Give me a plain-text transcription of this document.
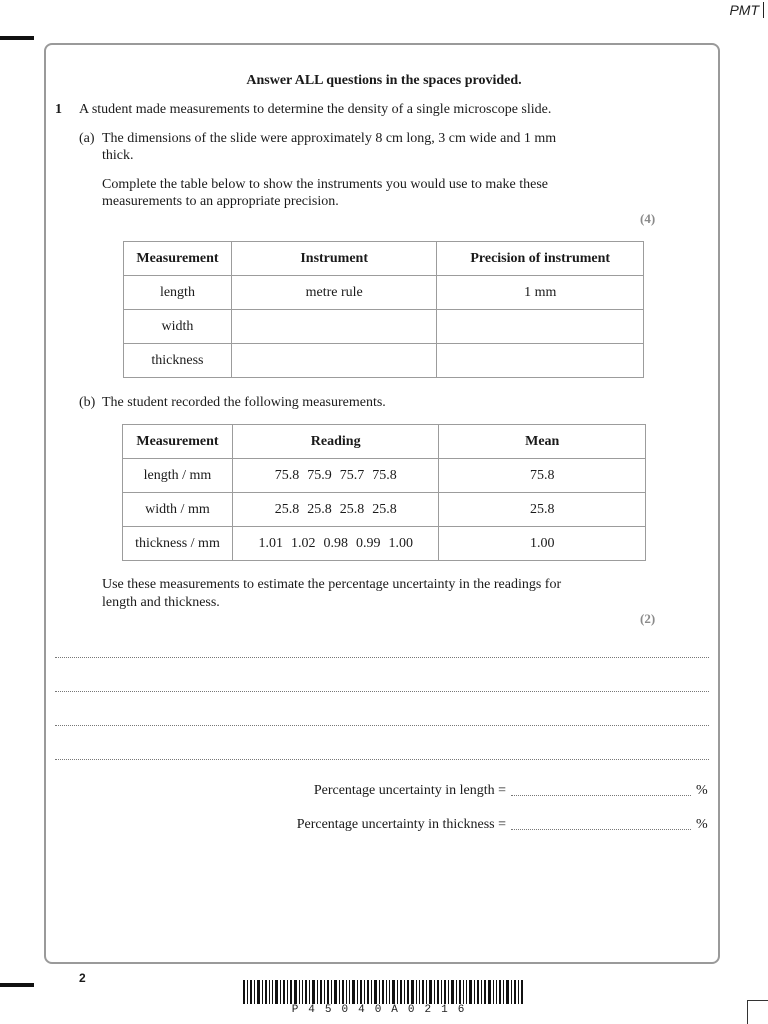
PMT
Answer ALL questions in the spaces provided.
1 A student made measurements to determine the density of a single microscope slide.
(a) The dimensions of the slide were approximately 8 cm long, 3 cm wide and 1 mm
thick.
Complete the table below to show the instruments you would use to make these
measurements to an appropriate precision.
(4)
Measurement	Instrument	Precision of instrument
length	metre rule	1 mm
width		
thickness		
(b) The student recorded the following measurements.
Measurement	Reading	Mean
length / mm	75.8 75.9 75.7 75.8	75.8
width / mm	25.8 25.8 25.8 25.8	25.8
thickness / mm	1.01 1.02 0.98 0.99 1.00	1.00
Use these measurements to estimate the percentage uncertainty in the readings for
length and thickness.
(2)
Percentage uncertainty in length =	%
Percentage uncertainty in thickness =	%
2
P45040A0216
